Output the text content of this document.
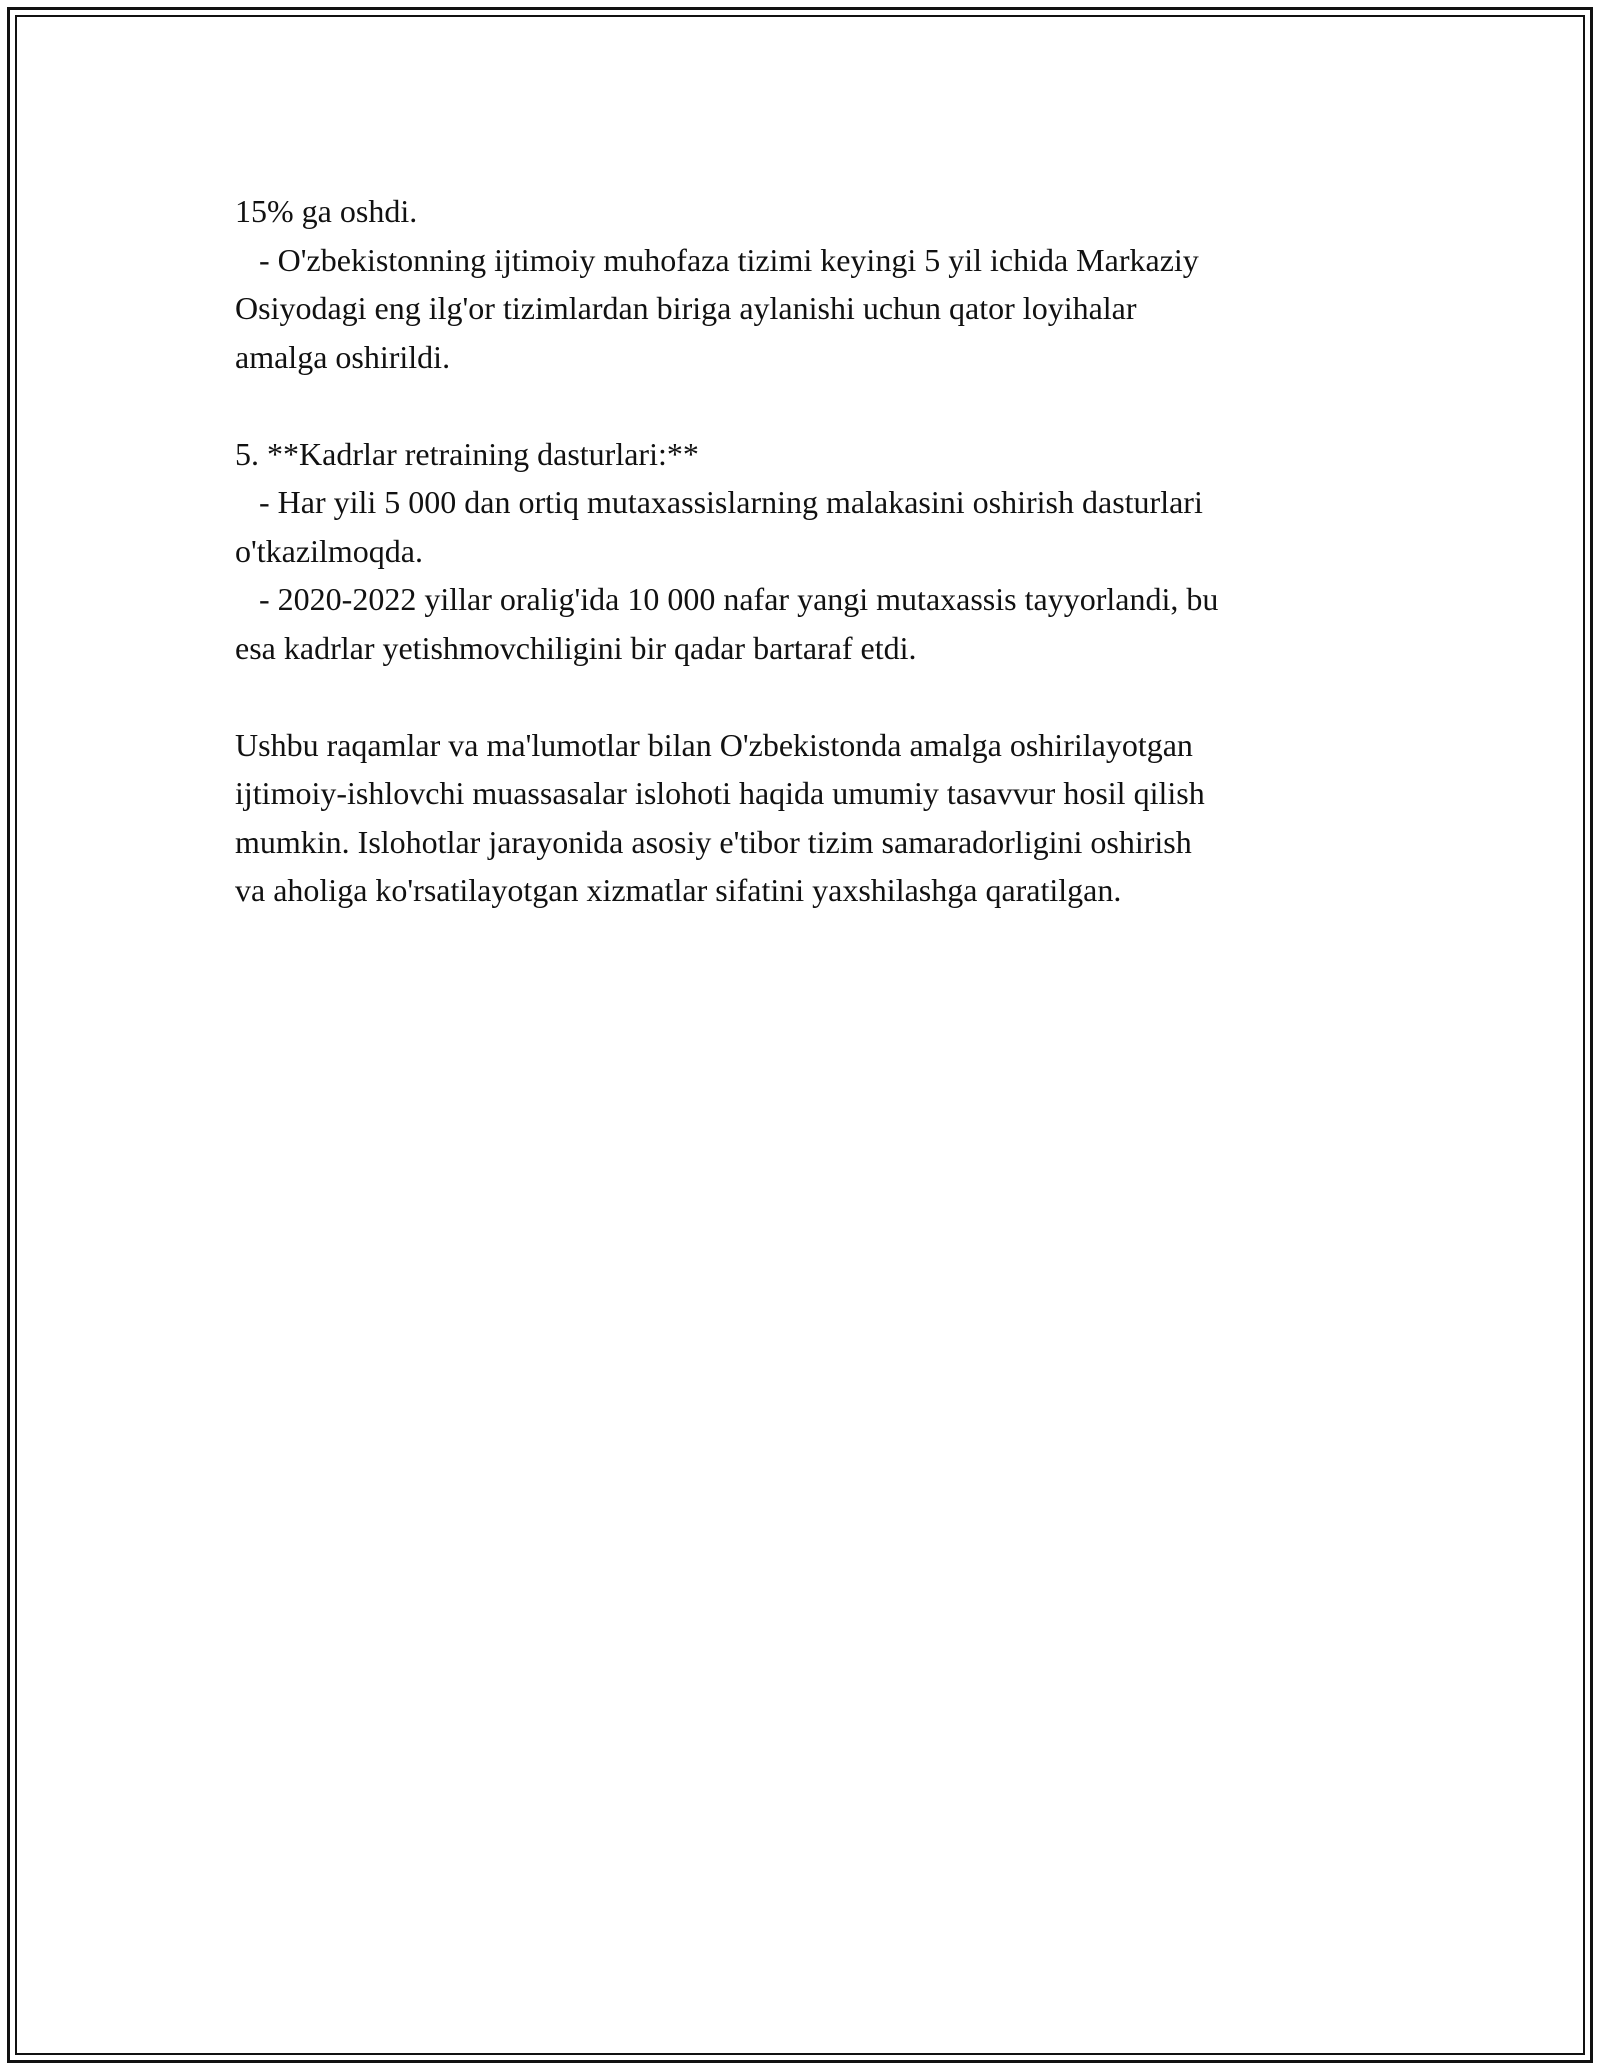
15% ga oshdi.
- O'zbekistonning ijtimoiy muhofaza tizimi keyingi 5 yil ichida Markaziy
Osiyodagi eng ilg'or tizimlardan biriga aylanishi uchun qator loyihalar
amalga oshirildi.
5. **Kadrlar retraining dasturlari:**
- Har yili 5 000 dan ortiq mutaxassislarning malakasini oshirish dasturlari
o'tkazilmoqda.
- 2020-2022 yillar oralig'ida 10 000 nafar yangi mutaxassis tayyorlandi, bu
esa kadrlar yetishmovchiligini bir qadar bartaraf etdi.
Ushbu raqamlar va ma'lumotlar bilan O'zbekistonda amalga oshirilayotgan
ijtimoiy-ishlovchi muassasalar islohoti haqida umumiy tasavvur hosil qilish
mumkin. Islohotlar jarayonida asosiy e'tibor tizim samaradorligini oshirish
va aholiga ko'rsatilayotgan xizmatlar sifatini yaxshilashga qaratilgan.
